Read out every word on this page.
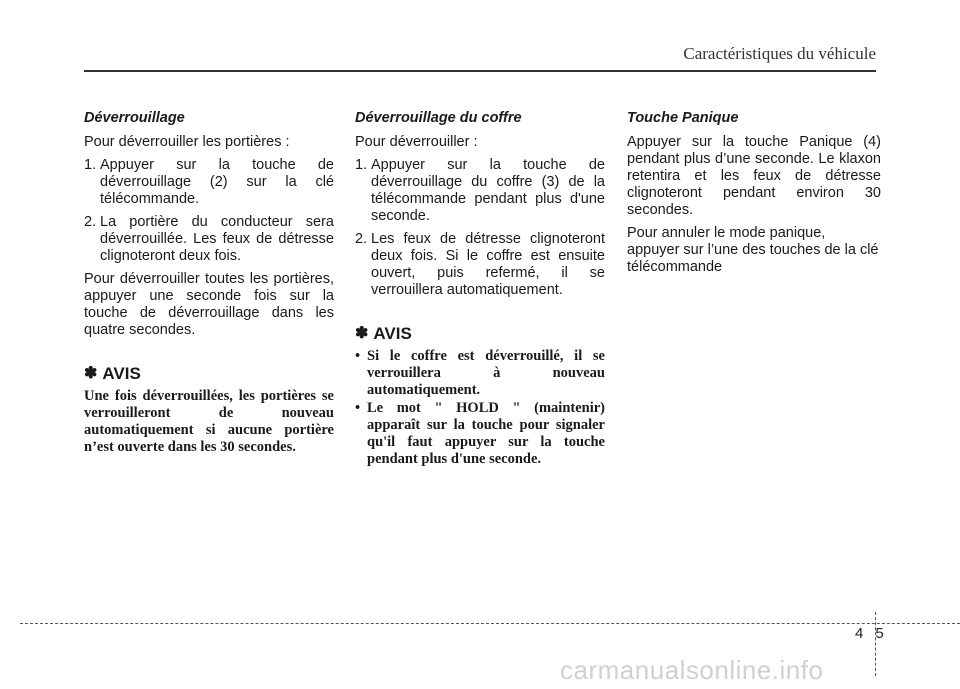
Caractéristiques du véhicule
Déverrouillage

Pour déverrouiller les portières :

1. Appuyer sur la touche de déverrouillage (2) sur la clé télécommande.
2. La portière du conducteur sera déverrouillée. Les feux de détresse clignoteront deux fois.

Pour déverrouiller toutes les portières, appuyer une seconde fois sur la touche de déverrouillage dans les quatre secondes.

✽ AVIS
Une fois déverrouillées, les portières se verrouilleront de nouveau automatiquement si aucune portière n’est ouverte dans les 30 secondes.
Déverrouillage du coffre

Pour déverrouiller :

1. Appuyer sur la touche de déverrouillage du coffre (3) de la télécommande pendant plus d'une seconde.
2. Les feux de détresse clignoteront deux fois. Si le coffre est ensuite ouvert, puis refermé, il se verrouillera automatiquement.
✽ AVIS
• Si le coffre est déverrouillé, il se verrouillera à nouveau automatiquement.
• Le mot " HOLD " (maintenir) apparaît sur la touche pour signaler qu'il faut appuyer sur la touche pendant plus d'une seconde.
Touche Panique

Appuyer sur la touche Panique (4) pendant plus d’une seconde. Le klaxon retentira et les feux de détresse clignoteront pendant environ 30 secondes.

Pour annuler le mode panique, appuyer sur l’une des touches de la clé télécommande

4 5
carmanualsonline.info
